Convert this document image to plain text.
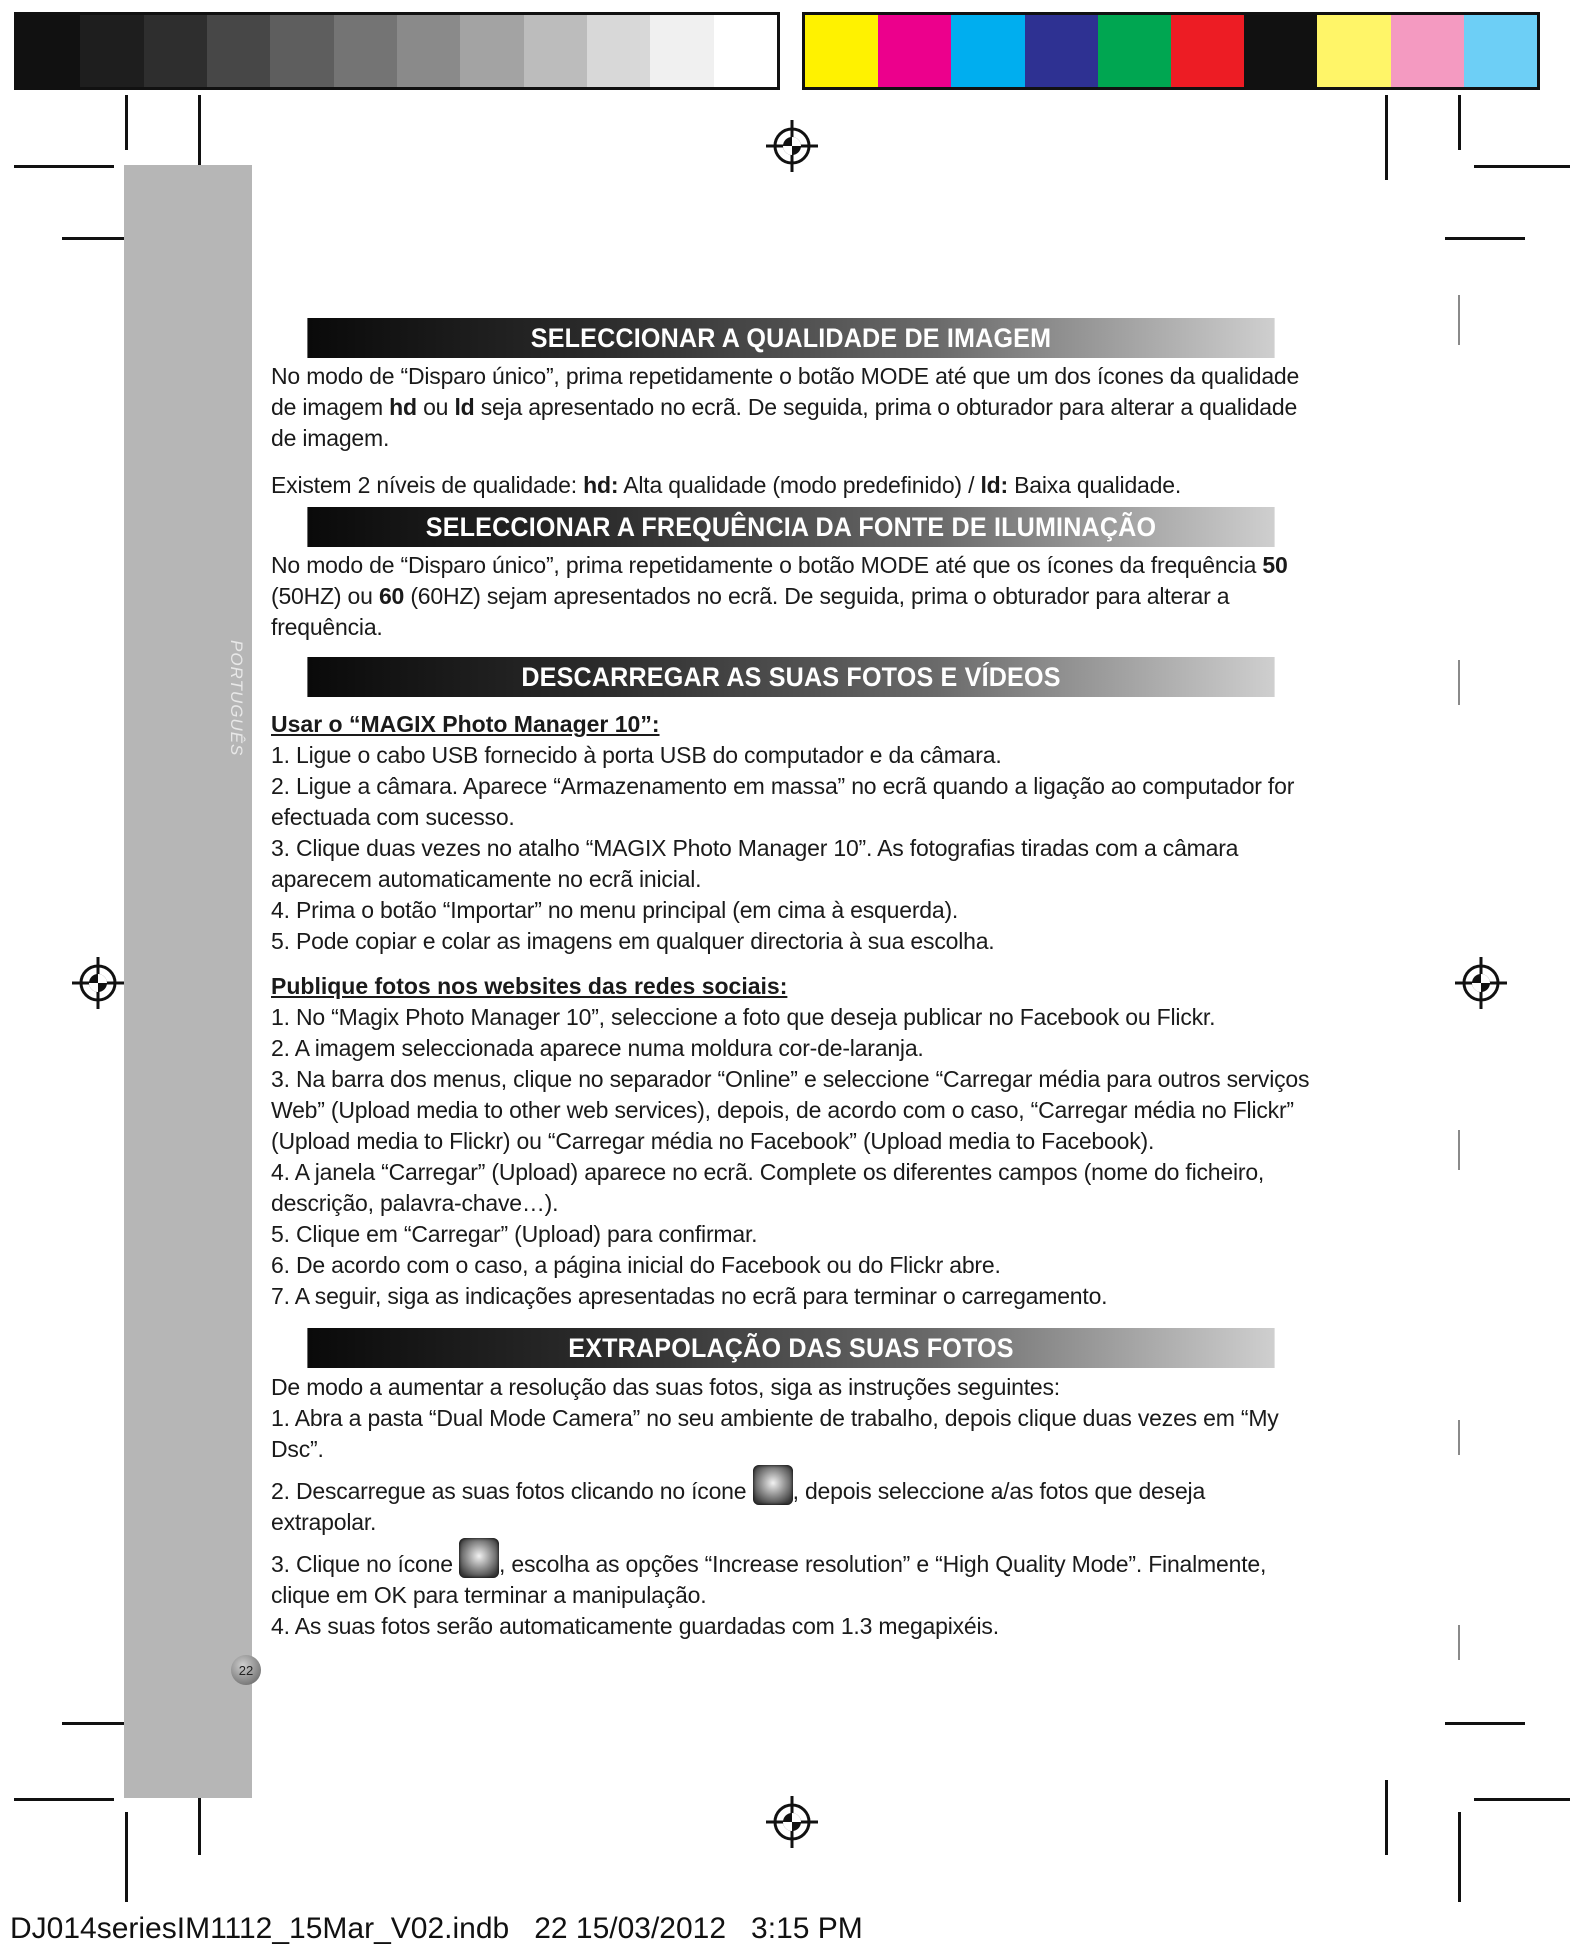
PORTUGUÊS
22
SELECCIONAR A QUALIDADE DE IMAGEM

No modo de “Disparo único”, prima repetidamente o botão MODE até que um dos ícones da qualidade de imagem hd ou ld seja apresentado no ecrã. De seguida, prima o obturador para alterar a qualidade de imagem.

Existem 2 níveis de qualidade: hd: Alta qualidade (modo predefinido) / ld: Baixa qualidade.

SELECCIONAR A FREQUÊNCIA DA FONTE DE ILUMINAÇÃO

No modo de “Disparo único”, prima repetidamente o botão MODE até que os ícones da frequência 50 (50HZ) ou 60 (60HZ) sejam apresentados no ecrã. De seguida, prima o obturador para alterar a frequência.

DESCARREGAR AS SUAS FOTOS E VÍDEOS

Usar o “MAGIX Photo Manager 10”:

1. Ligue o cabo USB fornecido à porta USB do computador e da câmara.

2. Ligue a câmara. Aparece “Armazenamento em massa” no ecrã quando a ligação ao computador for efectuada com sucesso.

3. Clique duas vezes no atalho “MAGIX Photo Manager 10”. As fotografias tiradas com a câmara aparecem automaticamente no ecrã inicial.

4. Prima o botão “Importar” no menu principal (em cima à esquerda).

5. Pode copiar e colar as imagens em qualquer directoria à sua escolha.

Publique fotos nos websites das redes sociais:

1. No “Magix Photo Manager 10”, seleccione a foto que deseja publicar no Facebook ou Flickr.

2. A imagem seleccionada aparece numa moldura cor-de-laranja.

3. Na barra dos menus, clique no separador “Online” e seleccione “Carregar média para outros serviços Web” (Upload media to other web services), depois, de acordo com o caso, “Carregar média no Flickr” (Upload media to Flickr) ou “Carregar média no Facebook” (Upload media to Facebook).

4. A janela “Carregar” (Upload) aparece no ecrã. Complete os diferentes campos (nome do ficheiro, descrição, palavra-chave…).

5. Clique em “Carregar” (Upload) para confirmar.

6. De acordo com o caso, a página inicial do Facebook ou do Flickr abre.

7. A seguir, siga as indicações apresentadas no ecrã para terminar o carregamento.

EXTRAPOLAÇÃO DAS SUAS FOTOS

De modo a aumentar a resolução das suas fotos, siga as instruções seguintes:

1. Abra a pasta “Dual Mode Camera” no seu ambiente de trabalho, depois clique duas vezes em “My Dsc”.

2. Descarregue as suas fotos clicando no ícone , depois seleccione a/as fotos que deseja extrapolar.

3. Clique no ícone , escolha as opções “Increase resolution” e “High Quality Mode”. Finalmente, clique em OK para terminar a manipulação.

4. As suas fotos serão automaticamente guardadas com 1.3 megapixéis.

DJ014seriesIM1112_15Mar_V02.indb   22 15/03/2012   3:15 PM
